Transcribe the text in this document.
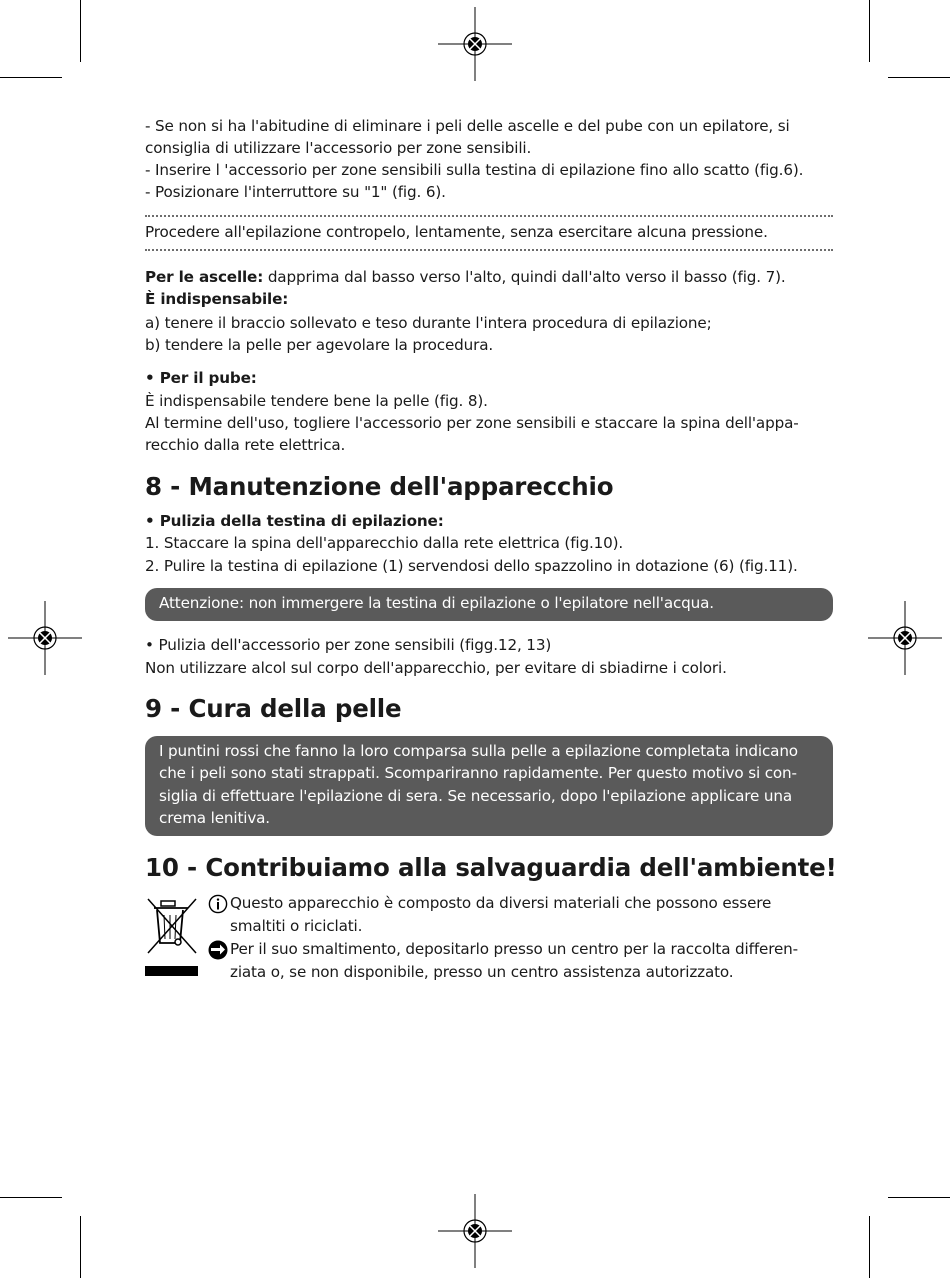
- Se non si ha l'abitudine di eliminare i peli delle ascelle e del pube con un epilatore, si
consiglia di utilizzare l'accessorio per zone sensibili.
- Inserire l 'accessorio per zone sensibili sulla testina di epilazione fino allo scatto (fig.6).
- Posizionare l'interruttore su "1" (fig. 6).
Procedere all'epilazione contropelo, lentamente, senza esercitare alcuna pressione.
Per le ascelle: dapprima dal basso verso l'alto, quindi dall'alto verso il basso (fig. 7).
È indispensabile:
a) tenere il braccio sollevato e teso durante l'intera procedura di epilazione;
b) tendere la pelle per agevolare la procedura.
• Per il pube:
È indispensabile tendere bene la pelle (fig. 8).
Al termine dell'uso, togliere l'accessorio per zone sensibili e staccare la spina dell'appa-
recchio dalla rete elettrica.
8 - Manutenzione dell'apparecchio
• Pulizia della testina di epilazione:
1. Staccare la spina dell'apparecchio dalla rete elettrica (fig.10).
2. Pulire la testina di epilazione (1) servendosi dello spazzolino in dotazione (6) (fig.11).
Attenzione: non immergere la testina di epilazione o l'epilatore nell'acqua.
• Pulizia dell'accessorio per zone sensibili (figg.12, 13)
Non utilizzare alcol sul corpo dell'apparecchio, per evitare di sbiadirne i colori.
9 - Cura della pelle
I puntini rossi che fanno la loro comparsa sulla pelle a epilazione completata indicano
che i peli sono stati strappati. Scompariranno rapidamente. Per questo motivo si con-
siglia di effettuare l'epilazione di sera. Se necessario, dopo l'epilazione applicare una
crema lenitiva.
10 - Contribuiamo alla salvaguardia dell'ambiente!
Questo apparecchio è composto da diversi materiali che possono essere
smaltiti o riciclati.
Per il suo smaltimento, depositarlo presso un centro per la raccolta differen-
ziata o, se non disponibile, presso un centro assistenza autorizzato.
